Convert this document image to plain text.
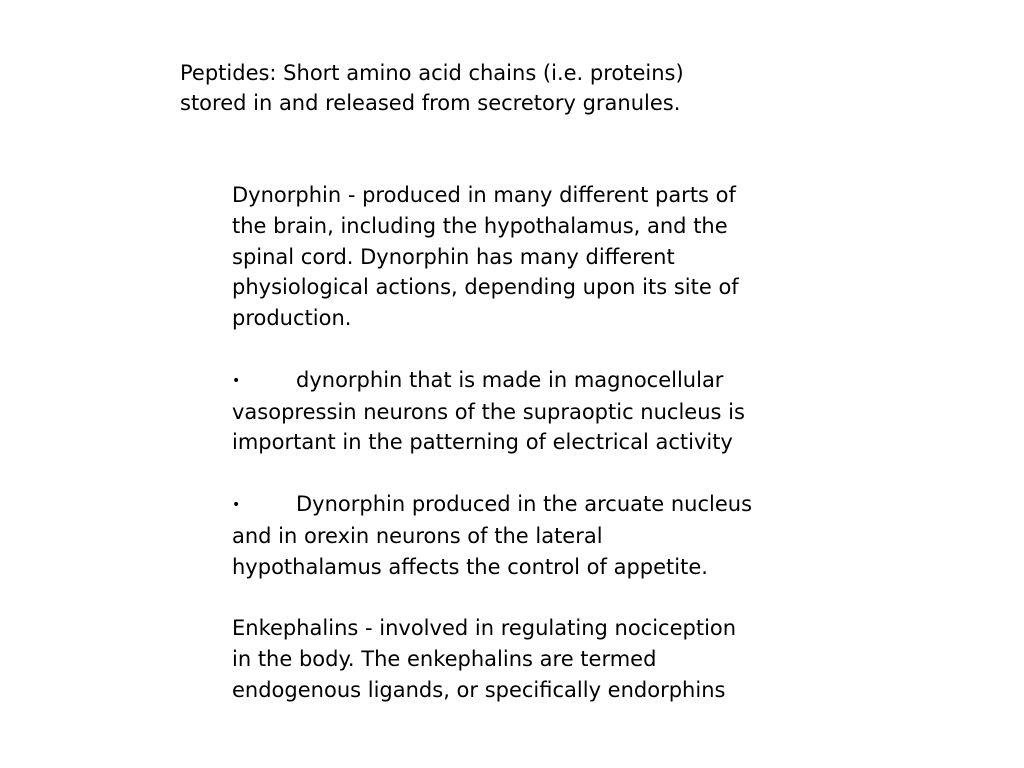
Peptides: Short amino acid chains (i.e. proteins)
stored in and released from secretory granules.
Dynorphin - produced in many different parts of
the brain, including the hypothalamus, and the
spinal cord. Dynorphin has many different
physiological actions, depending upon its site of
production.
•	dynorphin that is made in magnocellular
vasopressin neurons of the supraoptic nucleus is
important in the patterning of electrical activity
•	Dynorphin produced in the arcuate nucleus
and in orexin neurons of the lateral
hypothalamus affects the control of appetite.
Enkephalins - involved in regulating nociception
in the body. The enkephalins are termed
endogenous ligands, or specifically endorphins
